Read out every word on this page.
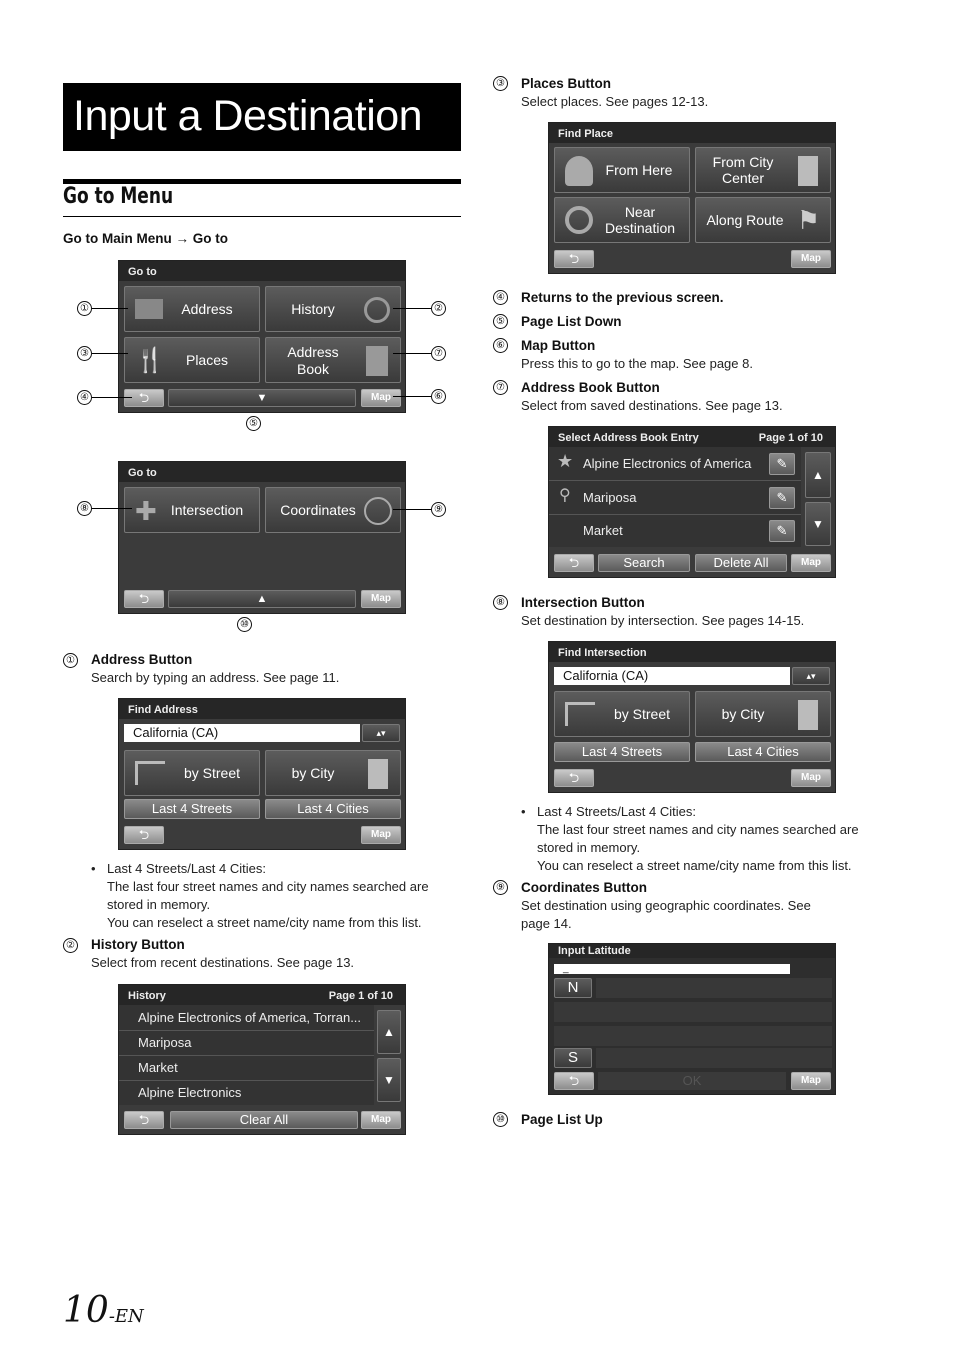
Input a Destination
Go to Menu
Go to Main Menu → Go to
Go to
Address	History
🍴 Places	Address
Book
⮌	▼	Map
①	②
③	⑦
④	⑥
⑤
Go to
✚ Intersection	Coordinates
⮌	▲	Map
⑧	⑨
⑩
① Address Button
Search by typing an address. See page 11.
Find Address
California (CA)	▴▾
by Street	by City
Last 4 Streets	Last 4 Cities
⮌	Map
• Last 4 Streets/Last 4 Cities:
The last four street names and city names searched are
stored in memory.
You can reselect a street name/city name from this list.
② History Button
Select from recent destinations. See page 13.
History	Page 1 of 10
Alpine Electronics of America, Torran...
Mariposa
Market
Alpine Electronics
▲
▼
⮌	Clear All	Map
③ Places Button
Select places. See pages 12-13.
Find Place
From Here	From City
Center
Near
Destination	Along Route ⚑
⮌	Map
④ Returns to the previous screen.
⑤ Page List Down
⑥ Map Button
Press this to go to the map. See page 8.
⑦ Address Book Button
Select from saved destinations. See page 13.
Select Address Book Entry	Page 1 of 10
★ Alpine Electronics of America	✎
⚲ Mariposa	✎
Market	✎
▲
▼
⮌	Search	Delete All	Map
⑧ Intersection Button
Set destination by intersection. See pages 14-15.
Find Intersection
California (CA)	▴▾
by Street	by City
Last 4 Streets	Last 4 Cities
⮌	Map
• Last 4 Streets/Last 4 Cities:
The last four street names and city names searched are
stored in memory.
You can reselect a street name/city name from this list.
⑨ Coordinates Button
Set destination using geographic coordinates. See
page 14.
Input Latitude
_
N
S
⮌	OK	Map
⑩ Page List Up
10-EN
